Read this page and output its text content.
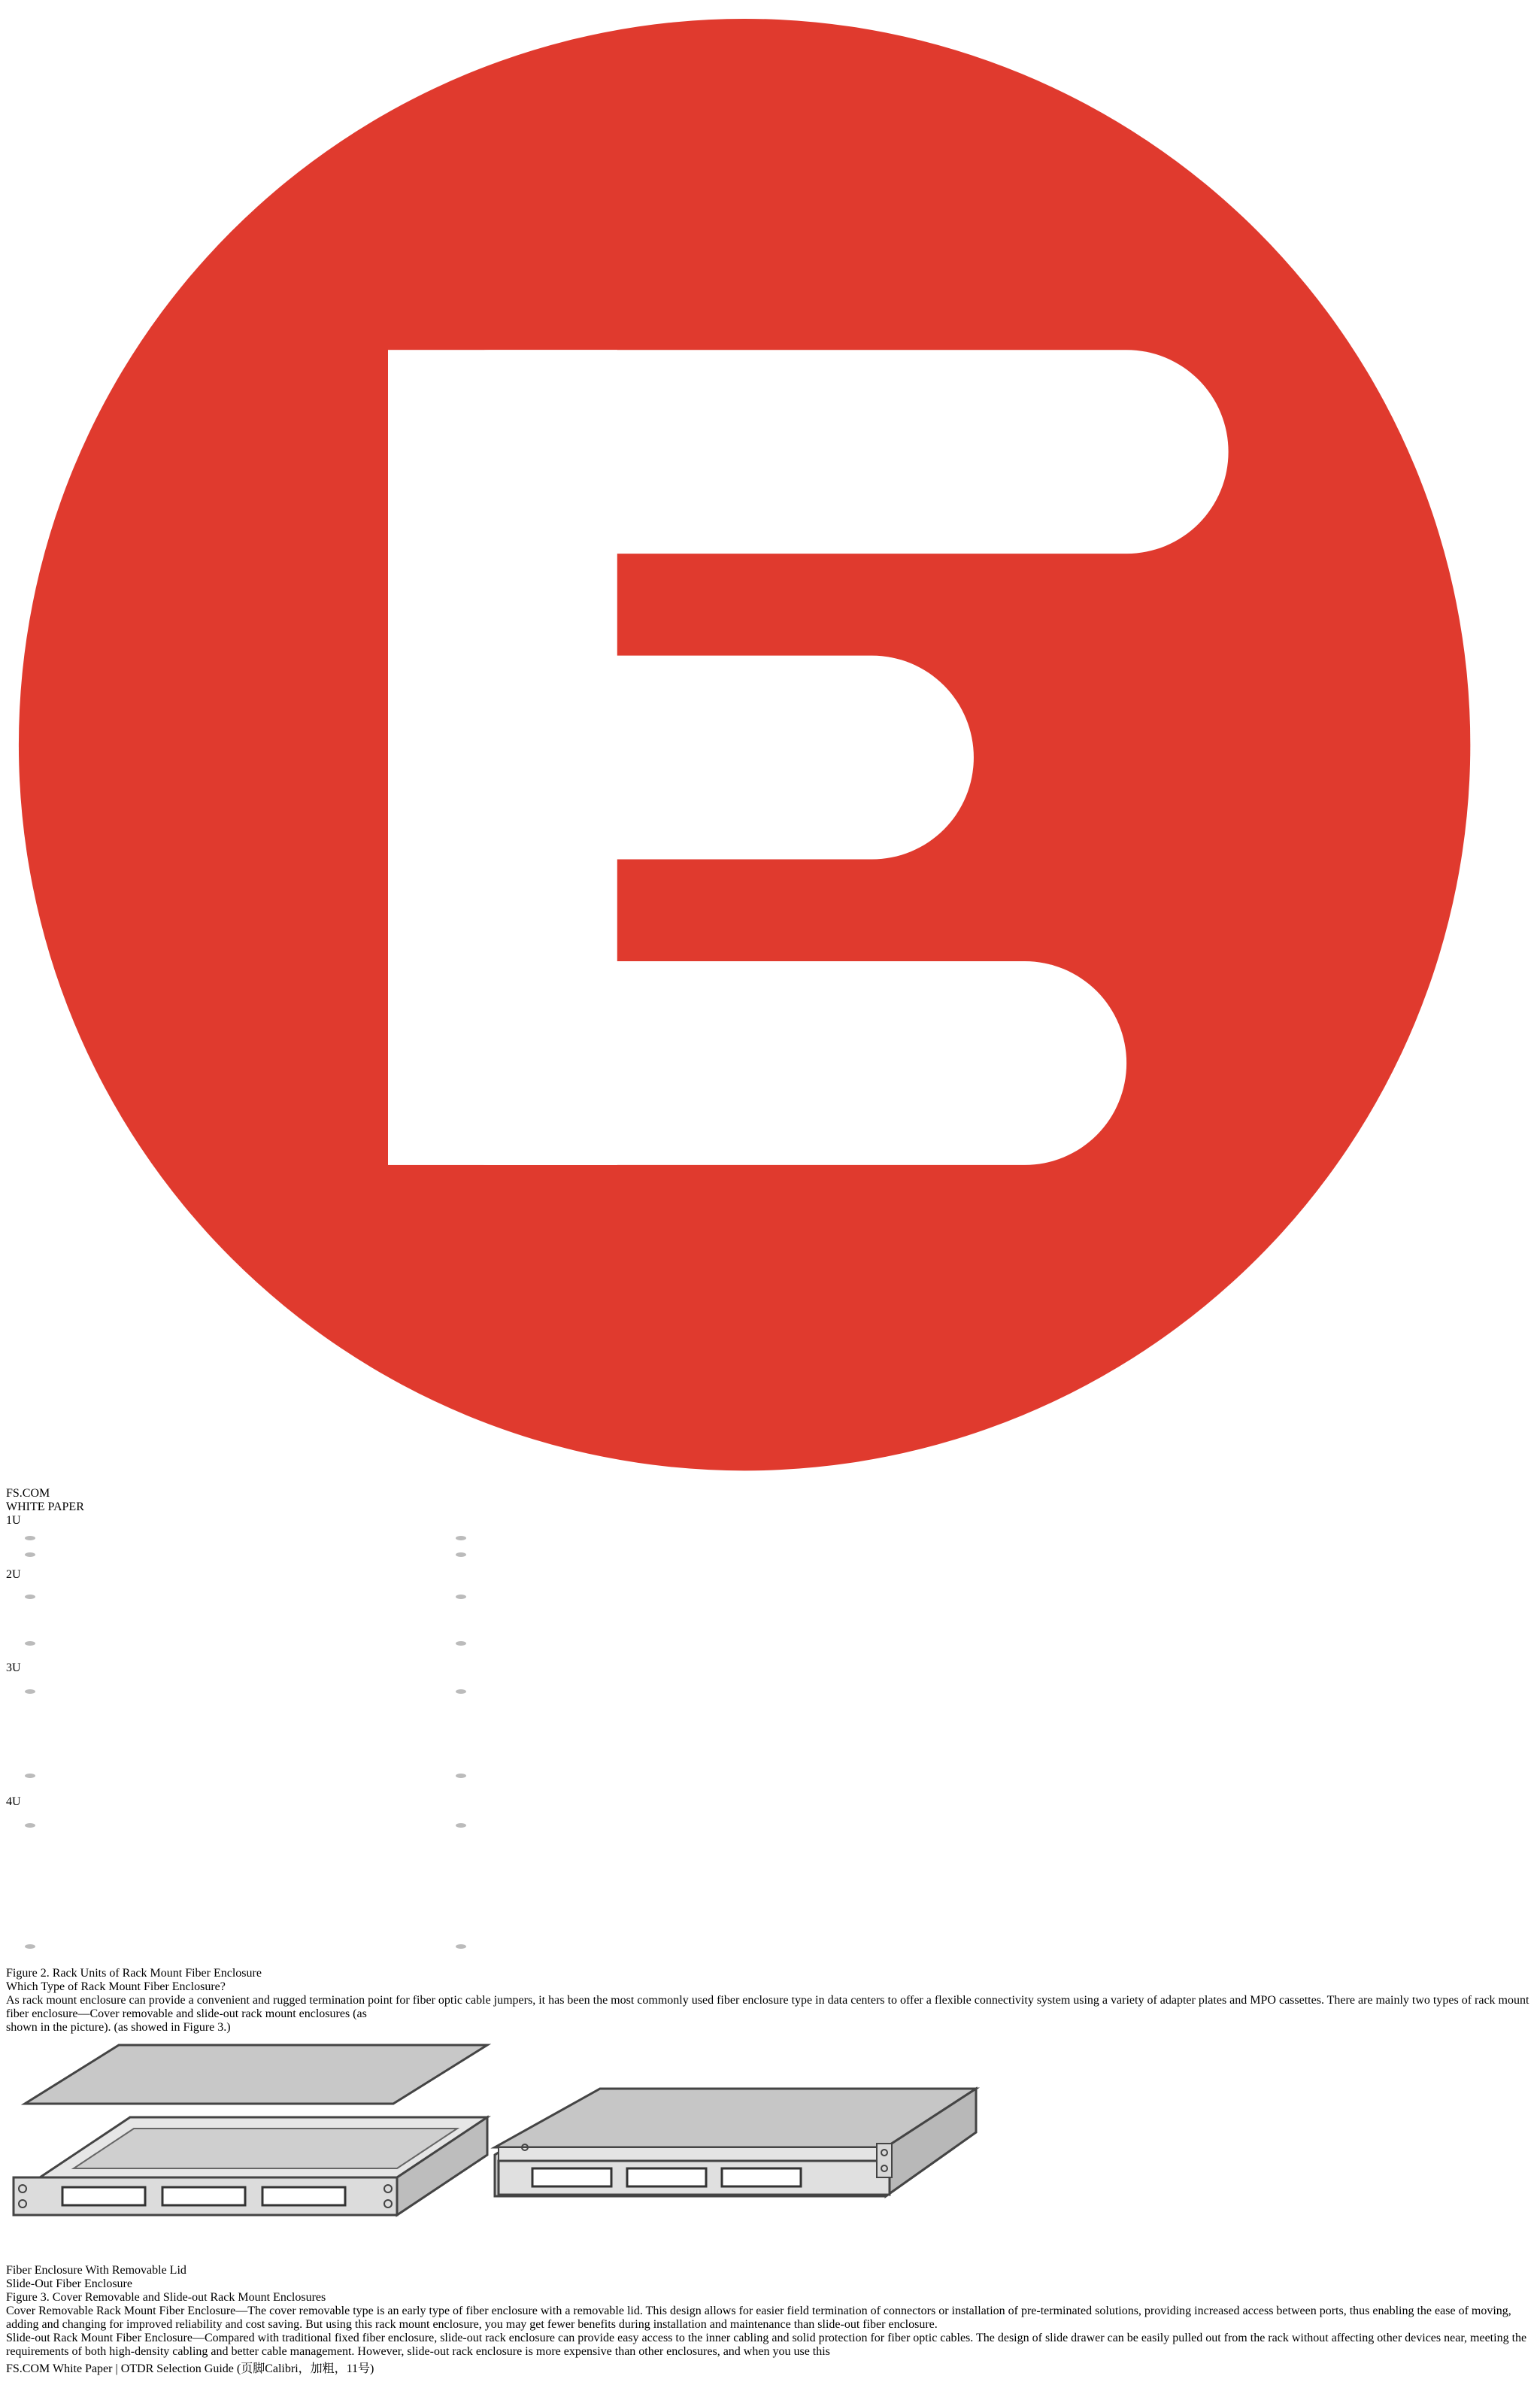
FS.COM
WHITE PAPER
1U
2U
3U
4U
Figure 2. Rack Units of Rack Mount Fiber Enclosure
Which Type of Rack Mount Fiber Enclosure?
As rack mount enclosure can provide a convenient and rugged termination point for fiber optic cable jumpers, it has been the most commonly used fiber enclosure type in data centers to offer a flexible connectivity system using a variety of adapter plates and MPO cassettes. There are mainly two types of rack mount fiber enclosure—Cover removable and slide-out rack mount enclosures (as
shown in the picture). (as showed in Figure 3.)
Fiber Enclosure With Removable Lid
Slide-Out Fiber Enclosure
Figure 3. Cover Removable and Slide-out Rack Mount Enclosures
Cover Removable Rack Mount Fiber Enclosure—The cover removable type is an early type of fiber enclosure with a removable lid. This design allows for easier field termination of connectors or installation of pre-terminated solutions, providing increased access between ports, thus enabling the ease of moving, adding and changing for improved reliability and cost saving. But using this rack mount enclosure, you may get fewer benefits during installation and maintenance than slide-out fiber enclosure.
Slide-out Rack Mount Fiber Enclosure—Compared with traditional fixed fiber enclosure, slide-out rack enclosure can provide easy access to the inner cabling and solid protection for fiber optic cables. The design of slide drawer can be easily pulled out from the rack without affecting other devices near, meeting the requirements of both high-density cabling and better cable management. However, slide-out rack enclosure is more expensive than other enclosures, and when you use this
FS.COM White Paper | OTDR Selection Guide (页脚Calibri，加粗，11号)
